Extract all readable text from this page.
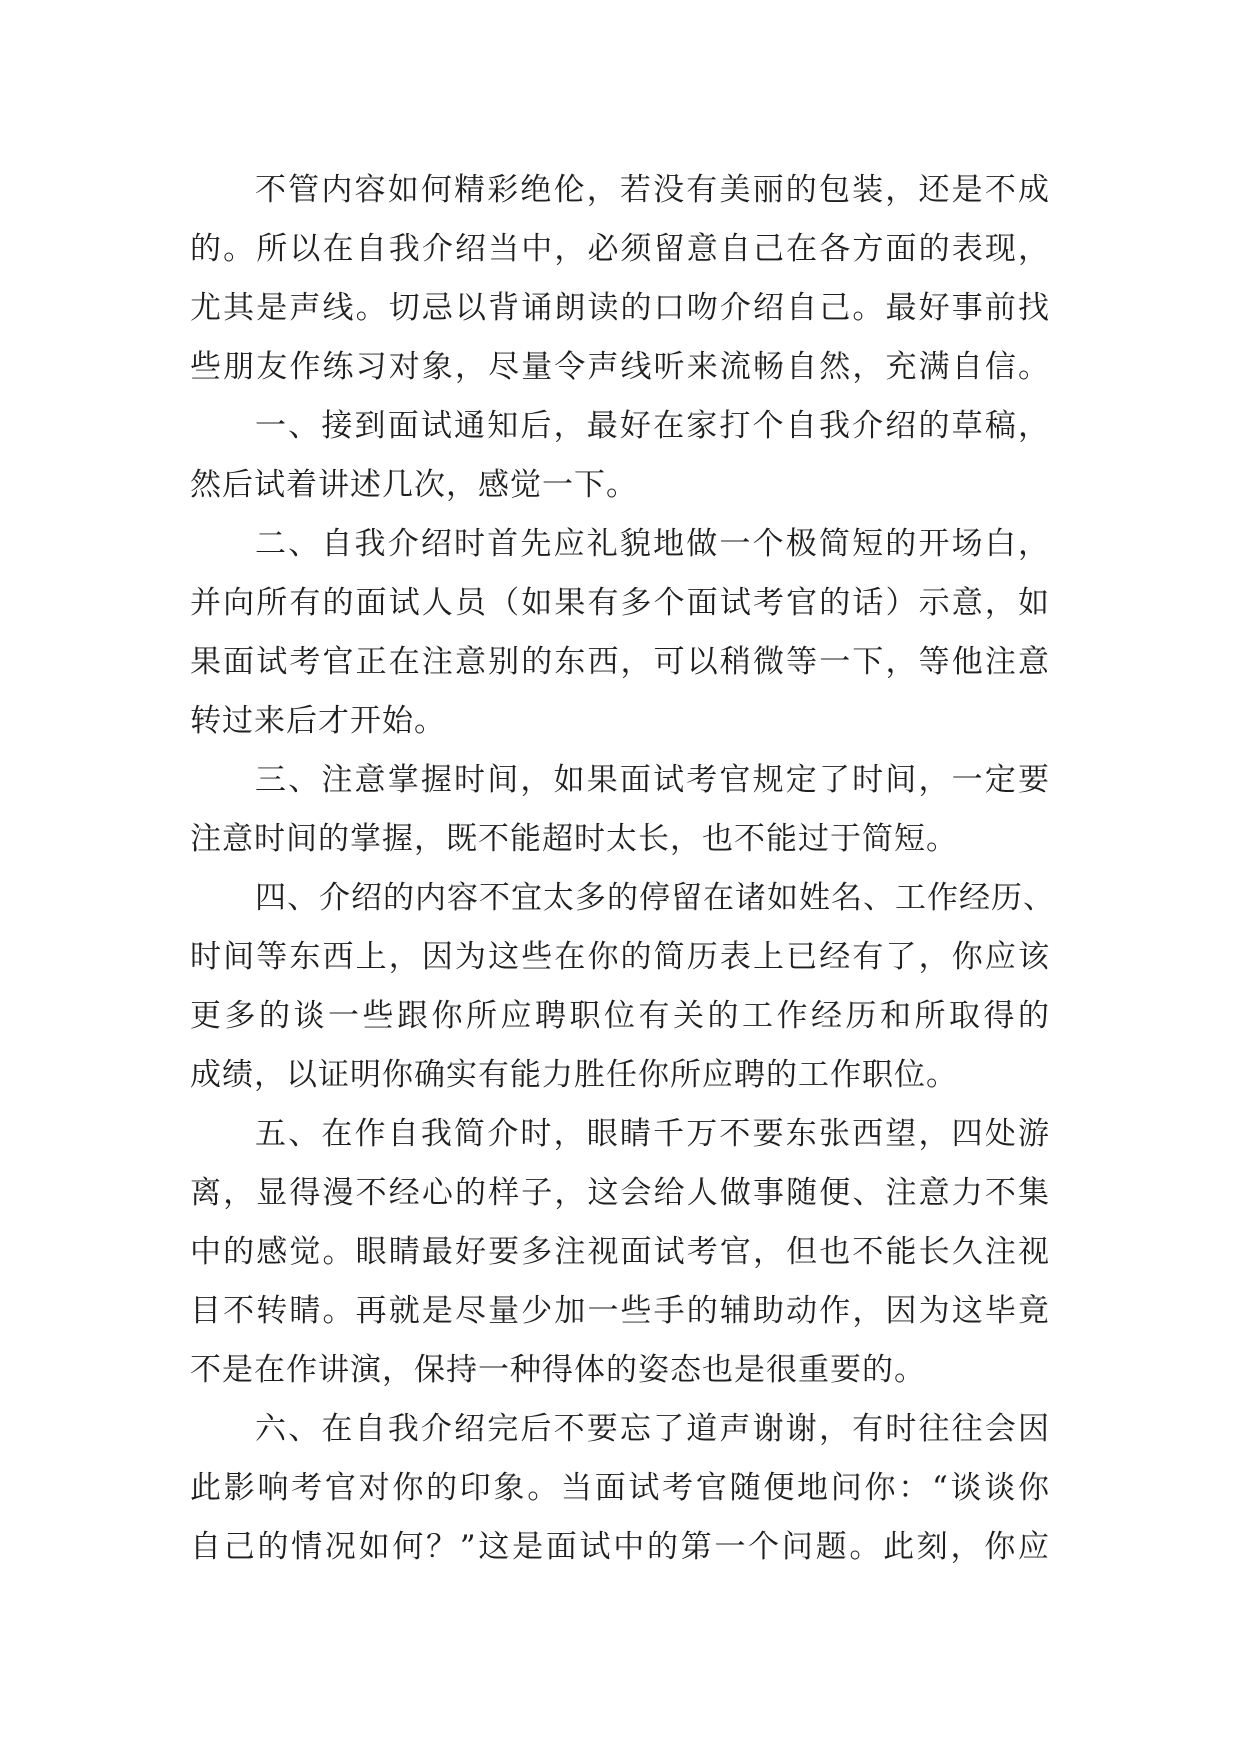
不管内容如何精彩绝伦，若没有美丽的包装，还是不成

的。所以在自我介绍当中，必须留意自己在各方面的表现，

尤其是声线。切忌以背诵朗读的口吻介绍自己。最好事前找

些朋友作练习对象，尽量令声线听来流畅自然，充满自信。

一、接到面试通知后，最好在家打个自我介绍的草稿，

然后试着讲述几次，感觉一下。

二、自我介绍时首先应礼貌地做一个极简短的开场白，

并向所有的面试人员（如果有多个面试考官的话）示意，如

果面试考官正在注意别的东西，可以稍微等一下，等他注意

转过来后才开始。

三、注意掌握时间，如果面试考官规定了时间，一定要

注意时间的掌握，既不能超时太长，也不能过于简短。

四、介绍的内容不宜太多的停留在诸如姓名、工作经历、

时间等东西上，因为这些在你的简历表上已经有了，你应该

更多的谈一些跟你所应聘职位有关的工作经历和所取得的

成绩，以证明你确实有能力胜任你所应聘的工作职位。

五、在作自我简介时，眼睛千万不要东张西望，四处游

离，显得漫不经心的样子，这会给人做事随便、注意力不集

中的感觉。眼睛最好要多注视面试考官，但也不能长久注视

目不转睛。再就是尽量少加一些手的辅助动作，因为这毕竟

不是在作讲演，保持一种得体的姿态也是很重要的。

六、在自我介绍完后不要忘了道声谢谢，有时往往会因

此影响考官对你的印象。当面试考官随便地问你：“谈谈你

自己的情况如何？”这是面试中的第一个问题。此刻，你应
